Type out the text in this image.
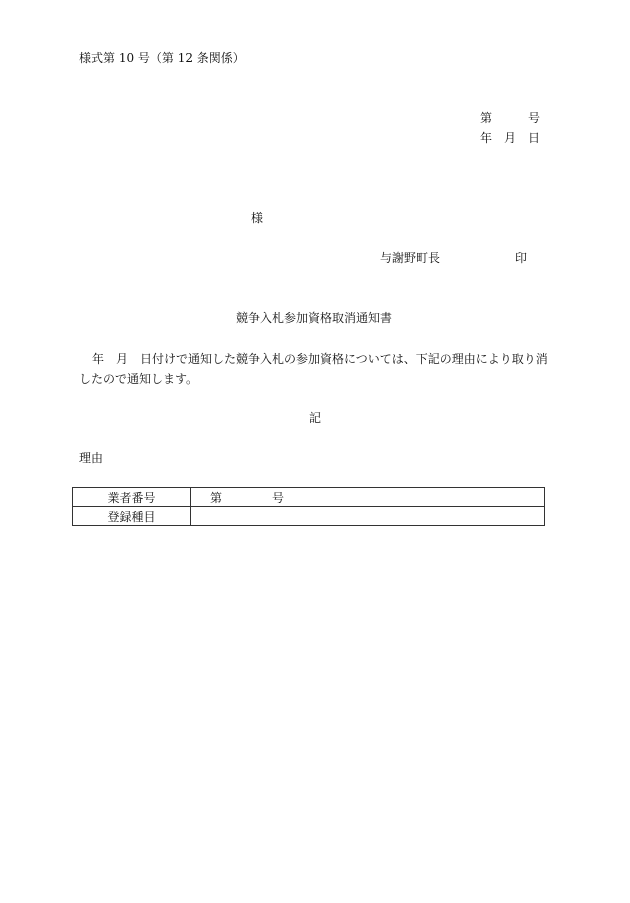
様式第 10 号（第 12 条関係）
第	号
年 月 日
様
与謝野町長	印
競争入札参加資格取消通知書
年　月　日付けで通知した競争入札の参加資格については、下記の理由により取り消
したので通知します。
記
理由
業者番号	第 号
登録種目	
